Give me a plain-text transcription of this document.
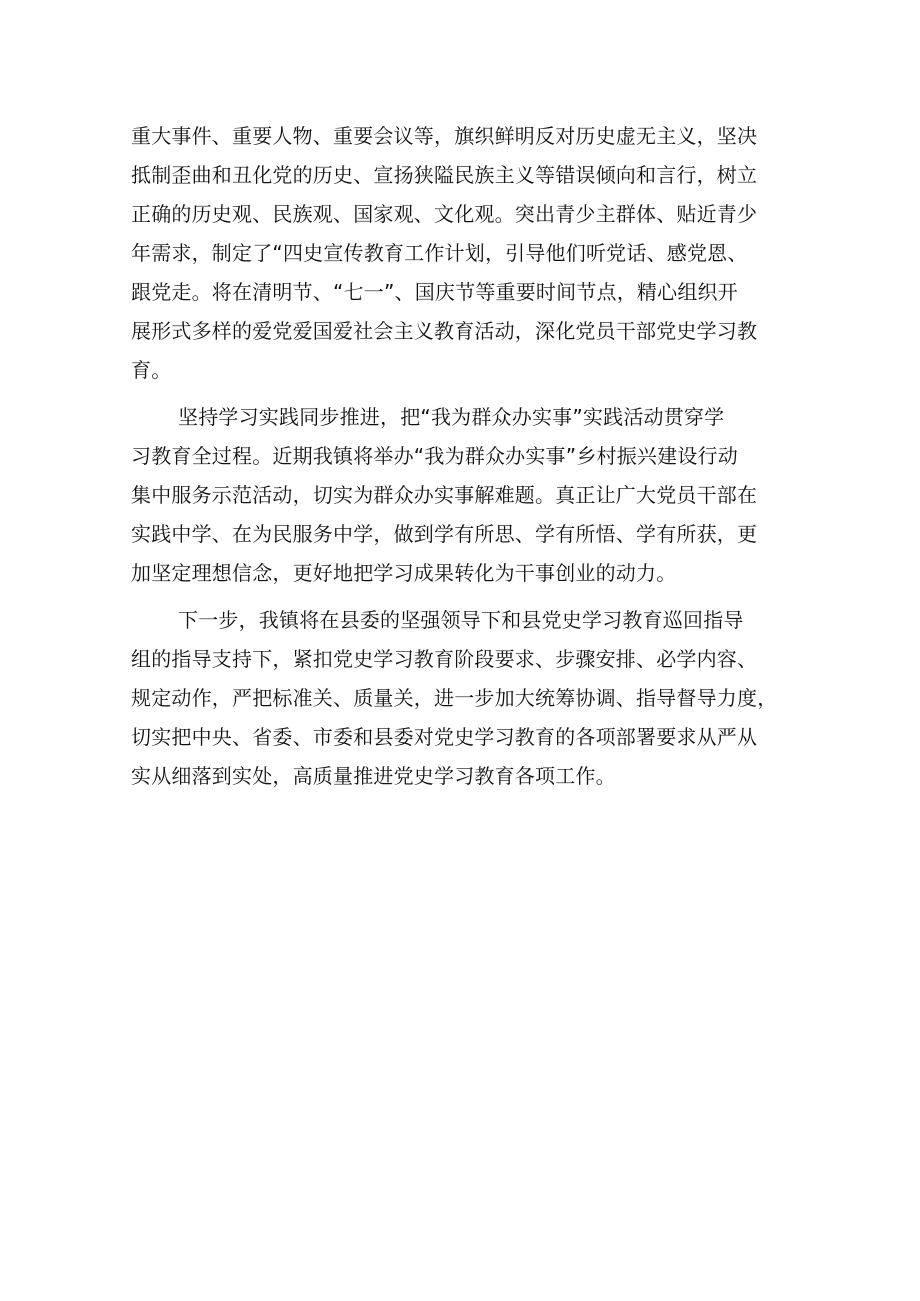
重大事件、重要人物、重要会议等，旗织鲜明反对历史虚无主义，坚决
抵制歪曲和丑化党的历史、宣扬狭隘民族主义等错误倾向和言行，树立
正确的历史观、民族观、国家观、文化观。突出青少主群体、贴近青少
年需求，制定了“四史宣传教育工作计划，引导他们听党话、感党恩、
跟党走。将在清明节、“七一”、国庆节等重要时间节点，精心组织开
展形式多样的爱党爱国爱社会主义教育活动，深化党员干部党史学习教
育。
坚持学习实践同步推进，把“我为群众办实事”实践活动贯穿学
习教育全过程。近期我镇将举办“我为群众办实事”乡村振兴建设行动
集中服务示范活动，切实为群众办实事解难题。真正让广大党员干部在
实践中学、在为民服务中学，做到学有所思、学有所悟、学有所获，更
加坚定理想信念，更好地把学习成果转化为干事创业的动力。
下一步，我镇将在县委的坚强领导下和县党史学习教育巡回指导
组的指导支持下，紧扣党史学习教育阶段要求、步骤安排、必学内容、
规定动作，严把标准关、质量关，进一步加大统筹协调、指导督导力度，
切实把中央、省委、市委和县委对党史学习教育的各项部署要求从严从
实从细落到实处，高质量推进党史学习教育各项工作。
